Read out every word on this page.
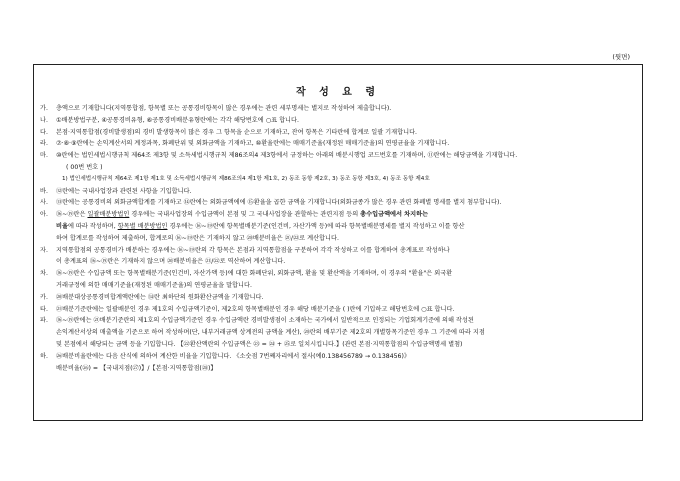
(뒷면)
작 성 요 령
가.	층액으로 기재합니다(지역통합점, 항목별 또는 공통경비항목이 많은 경우에는 관련 세부명세는 별지로 작성하여 제출합니다).
나.	①배분방법구분, ④공통경비유형, ⑥공통경비배분유형란에는 각각 해당번호에 ○표 합니다.
다.	본점·지역통합점(경비발생점)의 경비 발생항목이 많은 경우 그 항목을 순으로 기재하고, 잔여 항목은 기타란에 합계로 일괄 기재합니다.
라.	⑦·⑧·⑨란에는 손익계산서의 계정과목, 화폐단위 및 외화금액을 기재하고, ⑩환율란에는 매매기준율(재정된 매매기준율)의 연평균율을 기재합니다.
마.	⑩란에는 법인세법시행규칙 제64조 제3항 및 소득세법시행규칙 제86조의4 제3항에서 규정하는 아래의 배분시행업 코드번호를 기재하며, ⑪란에는 해당금액을 기재합니다.
( 00번 번호 )
1) 법인세법시행규칙 제64조 제1항 제1호 및 소득세법시행규칙 제86조의4 제1항 제1호, 2) 동조 동항 제2호, 3) 동조 동항 제3호, 4) 동조 동항 제4호
바.	⑫란에는 국내사업장과 관련된 사항을 기입합니다.
사.	⑬란에는 공통경비의 외화금액합계를 기재하고 ⑭란에는 외화금액에에 ⑮환율을 곱한 금액을 기재합니다(외화금종가 많은 경우 관련 화폐별 명세를 별지 첨부합니다).
아.	⑯~⑲란은 일괄배분방법인 경우에는 국내사업장의 수입금액이 본점 및 그 국내사업장을 관할하는 관련지점 등의 총수입금액에서 차지하는
비율에 따라 작성하며, 항목별 배분방법인 경우에는 ⑯~⑲란에 항목별배분기준(인건비, 자산가액 등)에 따라 항목별배분명세를 별지 작성하고 이를 항산
하여 합계로를 작성하여 제출하며, 합계로의 ⑯~⑲란은 기재하지 않고 ⑳배분비율은 ㉑/㉒로 계산합니다.
자.	지역통합점의 공통경비가 배분하는 경우에는 ⑯~⑲란의 각 항목은 본점과 지역통합점을 구분하여 각각 작성하고 이를 합계하여 총계표로 작성하나
이 총계표의 ⑯~⑲란은 기재하지 않으며 ⑳배분비율은 ㉑/㉒로 역산하여 계산합니다.
차.	⑯~⑲란은 수입금액 또는 항목별배분기준(인건비, 자산가액 등)에 대한 화폐단위, 외화금액, 환율 및 환산액을 기재하며, 이 경우의 "환율"은 외국환
거래규정에 의한 매매기준율(재정된 매매기준율)의 연평균율을 말합니다.
카.	⑳배분대상공통경비합계액란에는 ⑭란 최하단의 원화환산금액을 기재합니다.
타.	㉑배분기준란에는 일괄배분인 경우 제1호의 수입금액기준이, 제2호의 항목별배분인 경우 해당 배분기준을 ( )란에 기입하고 해당번호에 ○표 합니다.
파.	⑯~⑲란에는 ㉑배분기준란의 제1호의 수입금액기준인 경우 수입금액란 경비발생점이 소재하는 국가에서 일반적으로 인정되는 기업회계기준에 의해 작성된
손익계산서상의 매출액을 기준으로 하여 작성하며(단, 내부거래금액 상계전의 금액을 계산), ⑳란의 배부기준 제2호의 개별항목기준인 경우 그 기준에 따라 지점
및 본점에서 해당되는 금액 등을 기입합니다. 【㉒환산액란의 수입금액은 ㉓ = ㉔ + ㉕로 일치시킵니다.】(관련 본점·지역통합점의 수입금액명세 별첨)
하.	㉖배분비율란에는 다음 산식에 의하여 계산한 비율을 기입합니다. 《소숫점 7번째자리에서 절사(예0.138456789 → 0.138456)》
배분비율(㉖) = 【국내지점(㉗)】/【본점·지역통합점(㉘)】
